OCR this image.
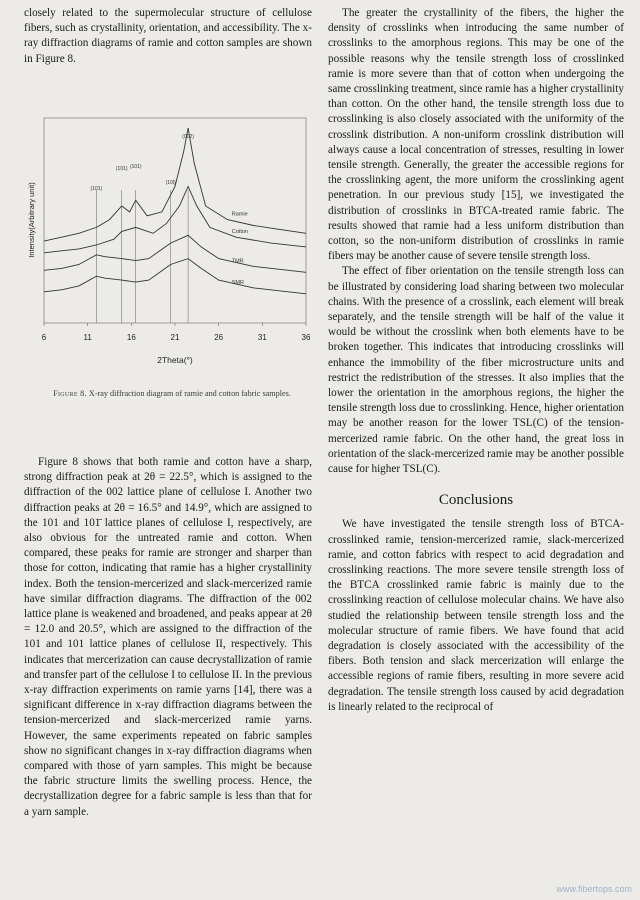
closely related to the supermolecular structure of cellulose fibers, such as crystallinity, orientation, and accessibility. The x-ray diffraction diagrams of ramie and cotton samples are shown in Figure 8.

(101)
(101) (101)
(10l)
(002)
Ramie
Cotton
TMR
SMR
6	11	16	21	26	31	36
2Theta(°)
Intensity(Arbitrary unit)
Figure 8. X-ray diffraction diagram of ramie and cotton fabric samples.

Figure 8 shows that both ramie and cotton have a sharp, strong diffraction peak at 2θ = 22.5°, which is assigned to the diffraction of the 002 lattice plane of cellulose I. Another two diffraction peaks at 2θ = 16.5° and 14.9°, which are assigned to the 101 and 101̄ lattice planes of cellulose I, respectively, are also obvious for the untreated ramie and cotton. When compared, these peaks for ramie are stronger and sharper than those for cotton, indicating that ramie has a higher crystallinity index. Both the tension-mercerized and slack-mercerized ramie have similar diffraction diagrams. The diffraction of the 002 lattice plane is weakened and broadened, and peaks appear at 2θ = 12.0 and 20.5°, which are assigned to the diffraction of the 101 and 101 lattice planes of cellulose II, respectively. This indicates that mercerization can cause decrystallization of ramie and transfer part of the cellulose I to cellulose II. In the previous x-ray diffraction experiments on ramie yarns [14], there was a significant difference in x-ray diffraction diagrams between the tension-mercerized and slack-mercerized ramie yarns. However, the same experiments repeated on fabric samples show no significant changes in x-ray diffraction diagrams when compared with those of yarn samples. This might be because the fabric structure limits the swelling process. Hence, the decrystallization degree for a fabric sample is less than that for a yarn sample.

The greater the crystallinity of the fibers, the higher the density of crosslinks when introducing the same number of crosslinks to the amorphous regions. This may be one of the possible reasons why the tensile strength loss of crosslinked ramie is more severe than that of cotton when undergoing the same crosslinking treatment, since ramie has a higher crystallinity than cotton. On the other hand, the tensile strength loss due to crosslinking is also closely associated with the uniformity of the crosslink distribution. A non-uniform crosslink distribution will always cause a local concentration of stresses, resulting in lower tensile strength. Generally, the greater the accessible regions for the crosslinking agent, the more uniform the crosslinking agent penetration. In our previous study [15], we investigated the distribution of crosslinks in BTCA-treated ramie fabric. The results showed that ramie had a less uniform distribution than cotton, so the non-uniform distribution of crosslinks in ramie fibers may be another cause of severe tensile strength loss.

The effect of fiber orientation on the tensile strength loss can be illustrated by considering load sharing between two molecular chains. With the presence of a crosslink, each element will break separately, and the tensile strength will be half of the value it would be without the crosslink when both elements have to be broken together. This indicates that introducing crosslinks will enhance the immobility of the fiber microstructure units and restrict the redistribution of the stresses. It also implies that the lower the orientation in the amorphous regions, the higher the tensile strength loss due to crosslinking. Hence, higher orientation may be another reason for the lower TSL(C) of the tension-mercerized ramie fabric. On the other hand, the great loss in orientation of the slack-mercerized ramie may be another possible cause for higher TSL(C).

Conclusions

We have investigated the tensile strength loss of BTCA-crosslinked ramie, tension-mercerized ramie, slack-mercerized ramie, and cotton fabrics with respect to acid degradation and crosslinking reactions. The more severe tensile strength loss of the BTCA crosslinked ramie fabric is mainly due to the crosslinking reaction of cellulose molecular chains. We have also studied the relationship between tensile strength loss and the molecular structure of ramie fibers. We have found that acid degradation is closely associated with the accessibility of the fibers. Both tension and slack mercerization will enlarge the accessible regions of ramie fibers, resulting in more severe acid degradation. The tensile strength loss caused by acid degradation is linearly related to the reciprocal of

www.fibertops.com
